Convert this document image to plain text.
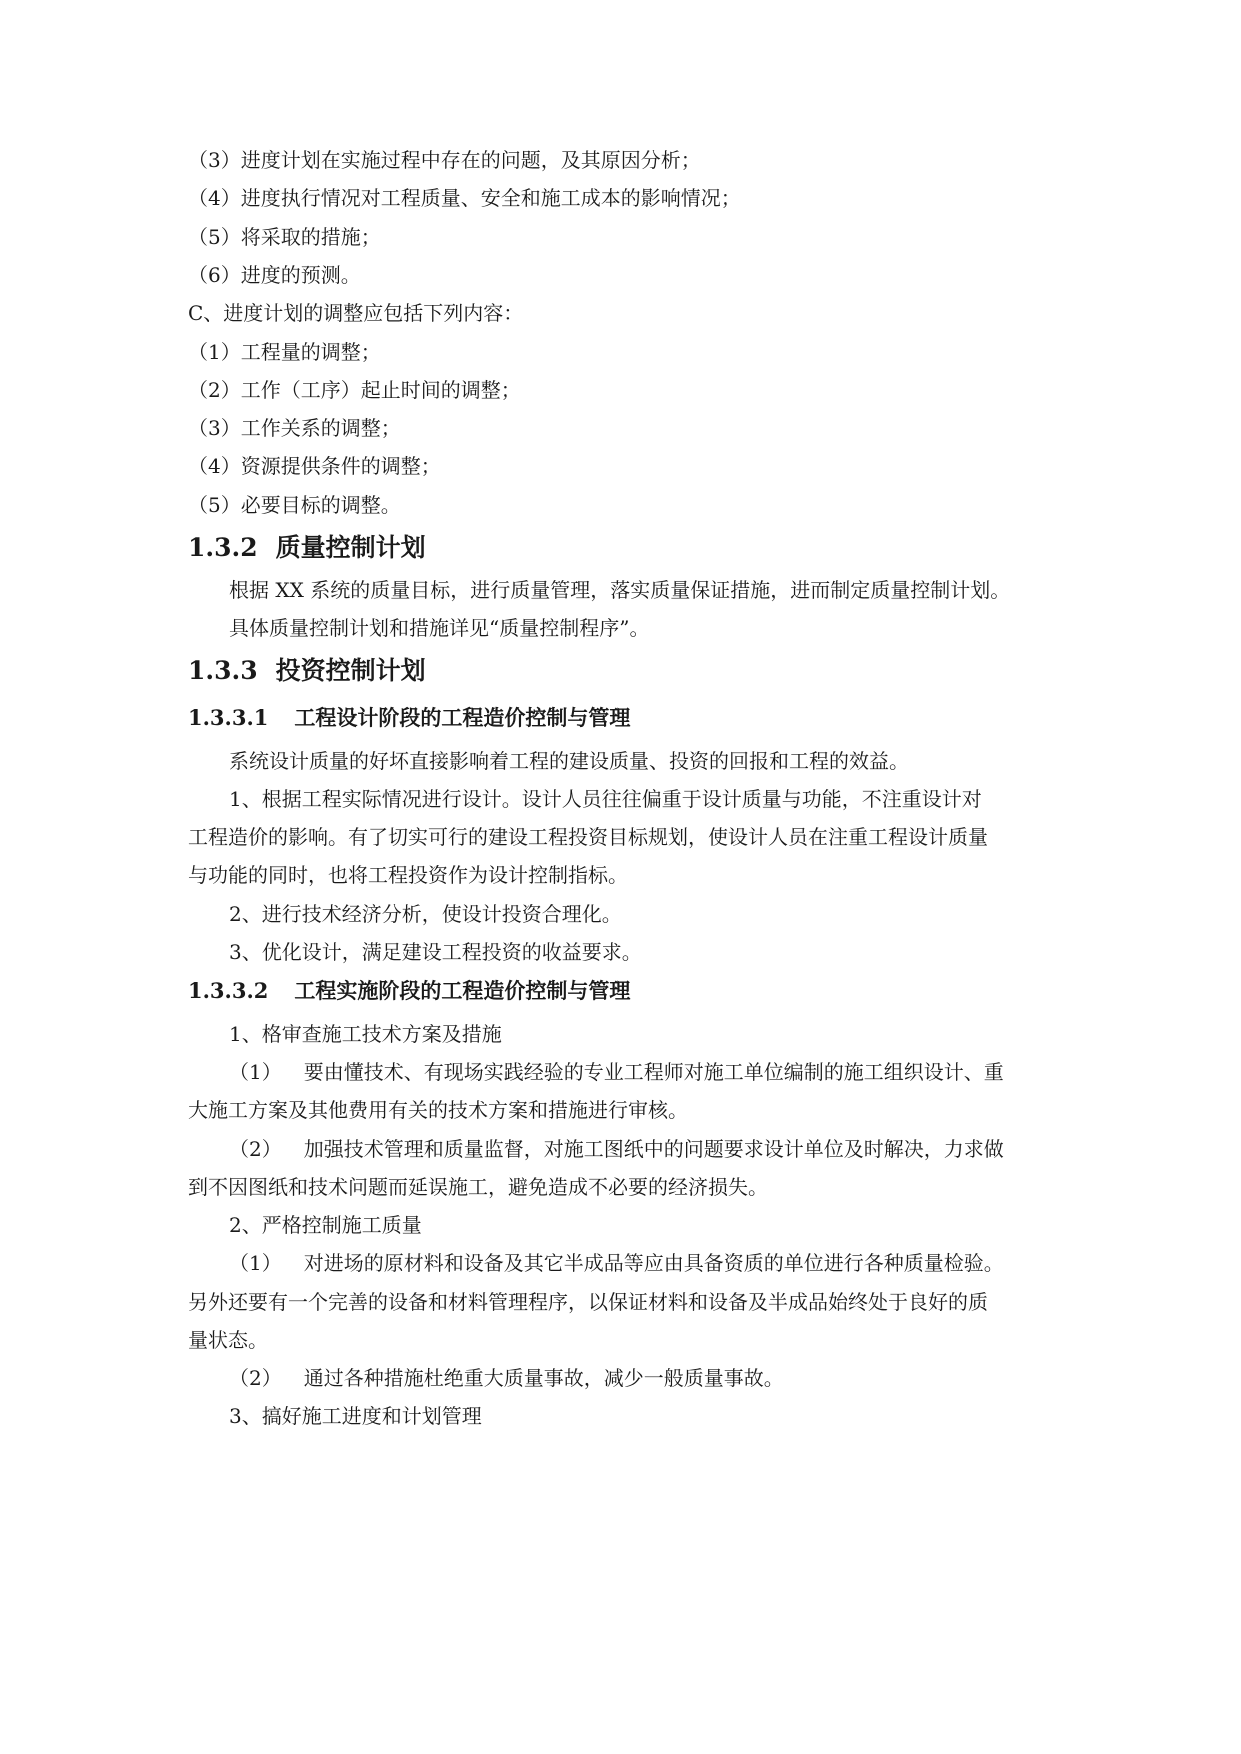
（3）进度计划在实施过程中存在的问题，及其原因分析；
（4）进度执行情况对工程质量、安全和施工成本的影响情况；
（5）将采取的措施；
（6）进度的预测。
C、进度计划的调整应包括下列内容：
（1）工程量的调整；
（2）工作（工序）起止时间的调整；
（3）工作关系的调整；
（4）资源提供条件的调整；
（5）必要目标的调整。
1.3.2 质量控制计划
根据 XX 系统的质量目标，进行质量管理，落实质量保证措施，进而制定质量控制计划。
具体质量控制计划和措施详见“质量控制程序”。
1.3.3 投资控制计划
1.3.3.1 工程设计阶段的工程造价控制与管理
系统设计质量的好坏直接影响着工程的建设质量、投资的回报和工程的效益。
1、根据工程实际情况进行设计。设计人员往往偏重于设计质量与功能，不注重设计对
工程造价的影响。有了切实可行的建设工程投资目标规划，使设计人员在注重工程设计质量
与功能的同时，也将工程投资作为设计控制指标。
2、进行技术经济分析，使设计投资合理化。
3、优化设计，满足建设工程投资的收益要求。
1.3.3.2 工程实施阶段的工程造价控制与管理
1、格审查施工技术方案及措施
（1） 要由懂技术、有现场实践经验的专业工程师对施工单位编制的施工组织设计、重
大施工方案及其他费用有关的技术方案和措施进行审核。
（2） 加强技术管理和质量监督，对施工图纸中的问题要求设计单位及时解决，力求做
到不因图纸和技术问题而延误施工，避免造成不必要的经济损失。
2、严格控制施工质量
（1） 对进场的原材料和设备及其它半成品等应由具备资质的单位进行各种质量检验。
另外还要有一个完善的设备和材料管理程序，以保证材料和设备及半成品始终处于良好的质
量状态。
（2） 通过各种措施杜绝重大质量事故，减少一般质量事故。
3、搞好施工进度和计划管理
